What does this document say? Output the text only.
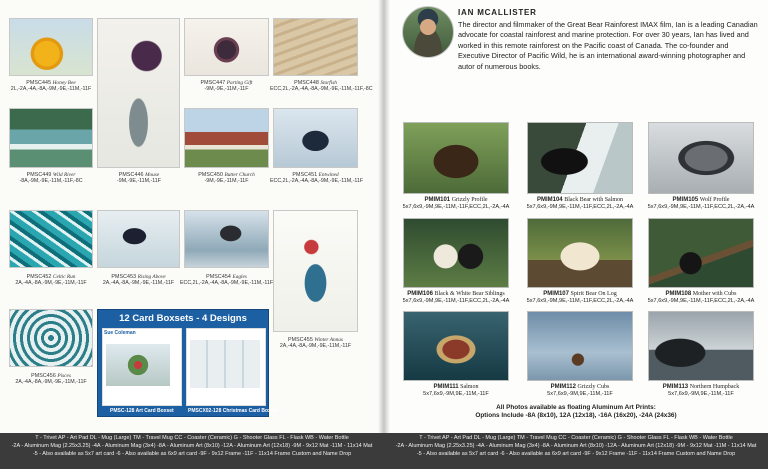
PMSC445 Honey Bee
2L,-2A,-4A,-8A,-9M,-9E,-11M,-11F
PMSC446 Mouse
-9M,-9E,-11M,-11F
PMSC447 Parting Gift
-9M,-9E,-11M,-11F
PMSC448 Starfish
ECC,2L,-2A,-4A,-8A,-9M,-9E,-11M,-11F,-8C
PMSC449 Wild River
-8A,-9M,-9E,-11M,-11F,-8C
PMSC450 Butter Church
-9M,-9E,-11M,-11F
PMSC451 Entwined
ECC,2L,-2A,-4A,-8A,-9M,-9E,-11M,-11F
PMSC452 Celtic Run
2A,-4A,-8A,-9M,-9E,-11M,-11F
PMSC453 Rising Above
2A,-4A,-8A,-9M,-9E,-11M,-11F
PMSC454 Eagles
ECC,2L,-2A,-4A,-8A,-9M,-9E,-11M,-11F
PMSC455 Winter Annas
2A,-4A,-8A,-9M,-9E,-11M,-11F
PMSC456 Pisces
2A,-4A,-8A,-9M,-9E,-11M,-11F
12 Card Boxsets - 4 Designs
Sue Coleman
PMSC-128 Art Card Boxset	PMSCX02-128 Christmas Card Boxset
IAN MCALLISTER
The director and filmmaker of the Great Bear Rainforest IMAX film, Ian is a leading Canadian advocate for coastal rainforest and marine protection. For over 30 years, Ian has lived and worked in this remote rainforest on the Pacific coast of Canada. The co-founder and Executive Director of Pacific Wild, he is an international award-winning photographer and autor of numerous books.
PMIM101 Grizzly Profile
5x7,6x9,-9M,9E,-11M,-11F,ECC,2L,-2A,-4A
PMIM104 Black Bear with Salmon
5x7,6x9,-9M,9E,-11M,-11F,ECC,2L,-2A,-4A
PMIM105 Wolf Profile
5x7,6x9,-9M,9E,-11M,-11F,ECC,2L,-2A,-4A
PMIM106 Black & White Bear Siblings
5x7,6x9,-9M,9E,-11M,-11F,ECC,2L,-2A,-4A
PMIM107 Spirit Bear On Log
5x7,6x9,-9M,9E,-11M,-11F,ECC,2L,-2A,-4A
PMIM108 Mother with Cubs
5x7,6x9,-9M,9E,-11M,-11F,ECC,2L,-2A,-4A
PMIM111 Salmon
5x7,6x9,-9M,9E,-11M,-11F
PMIM112 Grizzly Cubs
5x7,6x9,-9M,9E,-11M,-11F
PMIM113 Northern Humpback
5x7,6x9,-9M,9E,-11M,-11F
All Photos available as floating Aluminum Art Prints:
Options Include -8A (8x10), 12A (12x18), -16A (16x20), -24A (24x36)
T - Trivet AP - Art Pad DL - Mug (Large) TM - Travel Mug CC - Coaster (Ceramic) G - Shooter Glass FL - Flask WB - Water Bottle
-2A - Aluminum Mag (2.25x3.25) -4A - Aluminum Mag (3x4) -8A - Aluminum Art (8x10) -12A - Aluminum Art (12x18) -9M - 9x12 Mat -11M - 11x14 Mat
-5 - Also available as 5x7 art card -6 - Also available as 6x9 art card -9F - 9x12 Frame -11F - 11x14 Frame Custom and Name Drop
T - Trivet AP - Art Pad DL - Mug (Large) TM - Travel Mug CC - Coaster (Ceramic) G - Shooter Glass FL - Flask WB - Water Bottle
-2A - Aluminum Mag (2.25x3.25) -4A - Aluminum Mag (3x4) -8A - Aluminum Art (8x10) -12A - Aluminum Art (12x18) -9M - 9x12 Mat -11M - 11x14 Mat
-5 - Also available as 5x7 art card -6 - Also available as 6x9 art card -9F - 9x12 Frame -11F - 11x14 Frame Custom and Name Drop
